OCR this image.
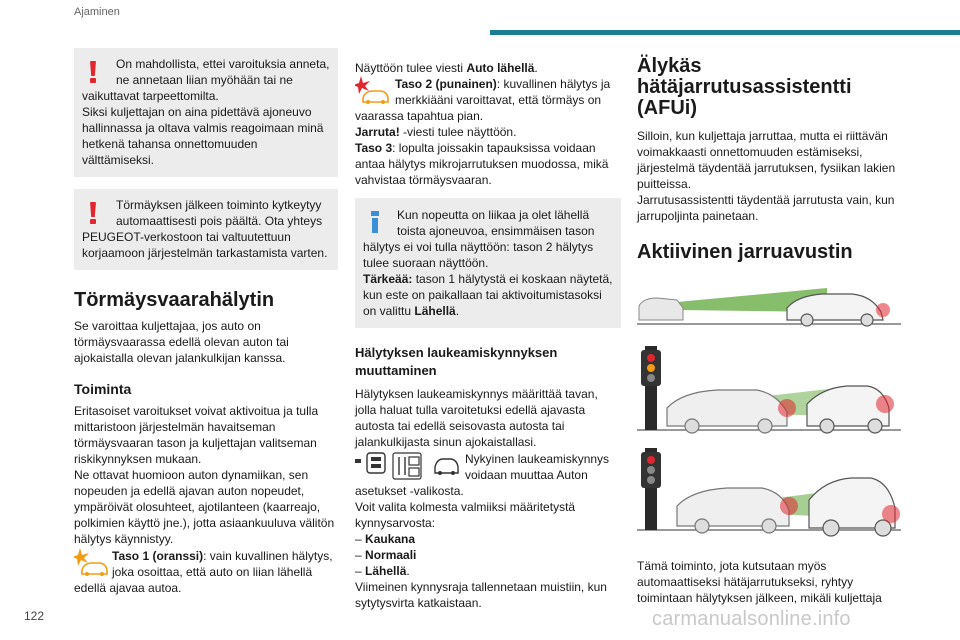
Ajaminen
On mahdollista, ettei varoituksia anneta,
ne annetaan liian myöhään tai ne
vaikuttavat tarpeettomilta.
Siksi kuljettajan on aina pidettävä ajoneuvo hallinnassa ja oltava valmis reagoimaan minä hetkenä tahansa onnettomuuden välttämiseksi.
Törmäyksen jälkeen toiminto kytkeytyy
automaattisesti pois päältä. Ota yhteys
PEUGEOT-verkostoon tai valtuutettuun korjaamoon järjestelmän tarkastamista varten.
Törmäysvaarahälytin

Se varoittaa kuljettajaa, jos auto on törmäysvaarassa edellä olevan auton tai ajokaistalla olevan jalankulkijan kanssa.

Toiminta

Eritasoiset varoitukset voivat aktivoitua ja tulla mittaristoon järjestelmän havaitseman törmäysvaaran tason ja kuljettajan valitseman riskikynnyksen mukaan.
Ne ottavat huomioon auton dynamiikan, sen nopeuden ja edellä ajavan auton nopeudet, ympäröivät olosuhteet, ajotilanteen (kaarreajo, polkimien käyttö jne.), jotta asiaankuuluva välitön hälytys käynnistyy.

Taso 1 (oranssi): vain kuvallinen hälytys,
joka osoittaa, että auto on liian lähellä
edellä ajavaa autoa.
Näyttöön tulee viesti Auto lähellä.
Taso 2 (punainen): kuvallinen hälytys ja
merkkiääni varoittavat, että törmäys on
vaarassa tapahtua pian.
Jarruta! -viesti tulee näyttöön.
Taso 3: lopulta joissakin tapauksissa voidaan antaa hälytys mikrojarrutuksen muodossa, mikä vahvistaa törmäysvaaran.
Kun nopeutta on liikaa ja olet lähellä
toista ajoneuvoa, ensimmäisen tason
hälytys ei voi tulla näyttöön: tason 2 hälytys tulee suoraan näyttöön.
Tärkeää: tason 1 hälytystä ei koskaan näytetä, kun este on paikallaan tai aktivoitumistasoksi on valittu Lähellä.
Hälytyksen laukeamiskynnyksen muuttaminen

Hälytyksen laukeamiskynnys määrittää tavan, jolla haluat tulla varoitetuksi edellä ajavasta autosta tai edellä seisovasta autosta tai jalankulkijasta sinun ajokaistallasi.

Nykyinen laukeamiskynnys
voidaan muuttaa Auton
asetukset -valikosta.
Voit valita kolmesta valmiiksi määritetystä kynnysarvosta:
– Kaukana
– Normaali
– Lähellä.
Viimeinen kynnysraja tallennetaan muistiin, kun sytytysvirta katkaistaan.
Älykäs hätäjarrutusassistentti (AFUi)

Silloin, kun kuljettaja jarruttaa, mutta ei riittävän voimakkaasti onnettomuuden estämiseksi, järjestelmä täydentää jarrutuksen, fysiikan lakien puitteissa.
Jarrutusassistentti täydentää jarrutusta vain, kun jarrupoljinta painetaan.

Aktiivinen jarruavustin

Tämä toiminto, jota kutsutaan myös automaattiseksi hätäjarrutukseksi, ryhtyy toimintaan hälytyksen jälkeen, mikäli kuljettaja

122	carmanualsonline.info
